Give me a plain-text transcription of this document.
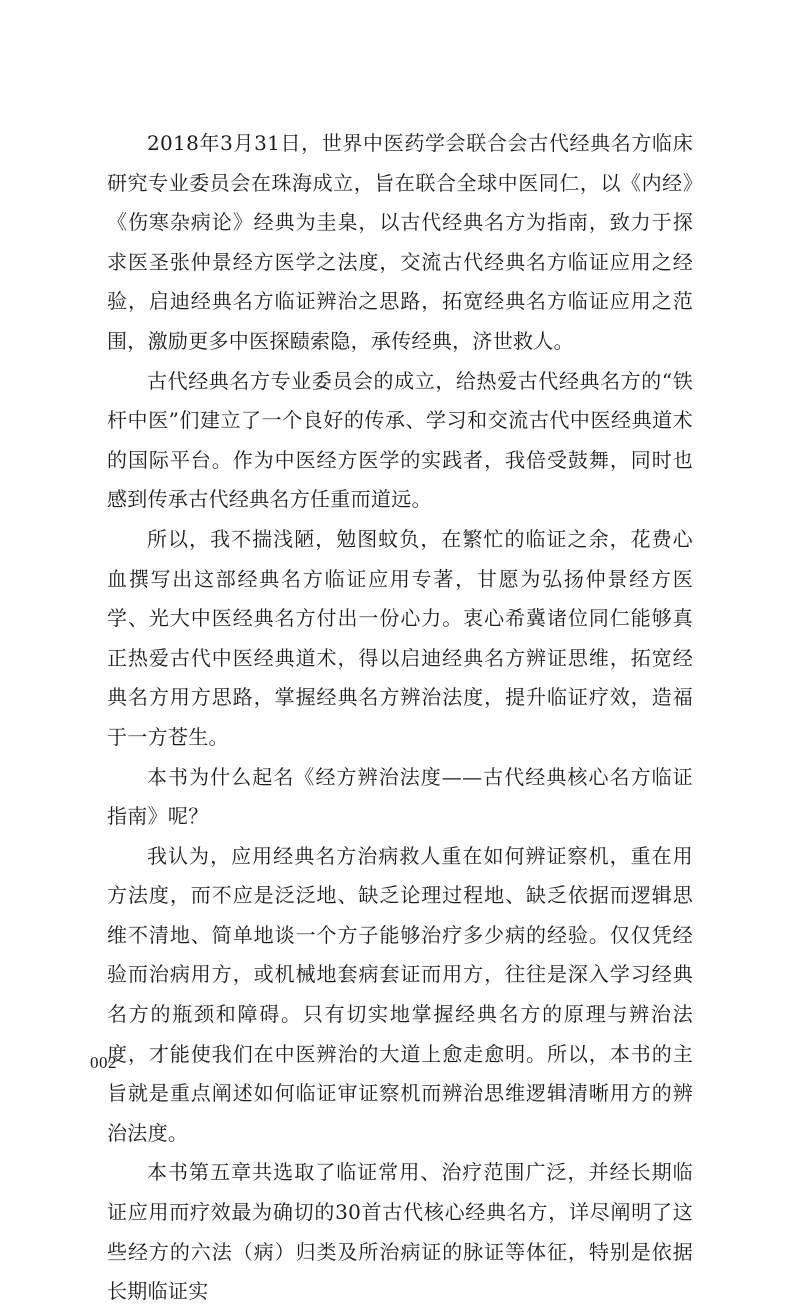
2018年3月31日，世界中医药学会联合会古代经典名方临床研究专业委员会在珠海成立，旨在联合全球中医同仁，以《内经》《伤寒杂病论》经典为圭臬，以古代经典名方为指南，致力于探求医圣张仲景经方医学之法度，交流古代经典名方临证应用之经验，启迪经典名方临证辨治之思路，拓宽经典名方临证应用之范围，激励更多中医探赜索隐，承传经典，济世救人。

古代经典名方专业委员会的成立，给热爱古代经典名方的“铁杆中医”们建立了一个良好的传承、学习和交流古代中医经典道术的国际平台。作为中医经方医学的实践者，我倍受鼓舞，同时也感到传承古代经典名方任重而道远。

所以，我不揣浅陋，勉图蚊负，在繁忙的临证之余，花费心血撰写出这部经典名方临证应用专著，甘愿为弘扬仲景经方医学、光大中医经典名方付出一份心力。衷心希冀诸位同仁能够真正热爱古代中医经典道术，得以启迪经典名方辨证思维，拓宽经典名方用方思路，掌握经典名方辨治法度，提升临证疗效，造福于一方苍生。

本书为什么起名《经方辨治法度——古代经典核心名方临证指南》呢？

我认为，应用经典名方治病救人重在如何辨证察机，重在用方法度，而不应是泛泛地、缺乏论理过程地、缺乏依据而逻辑思维不清地、简单地谈一个方子能够治疗多少病的经验。仅仅凭经验而治病用方，或机械地套病套证而用方，往往是深入学习经典名方的瓶颈和障碍。只有切实地掌握经典名方的原理与辨治法度，才能使我们在中医辨治的大道上愈走愈明。所以，本书的主旨就是重点阐述如何临证审证察机而辨治思维逻辑清晰用方的辨治法度。

本书第五章共选取了临证常用、治疗范围广泛，并经长期临证应用而疗效最为确切的30首古代核心经典名方，详尽阐明了这些经方的六法（病）归类及所治病证的脉证等体征，特别是依据长期临证实

002
